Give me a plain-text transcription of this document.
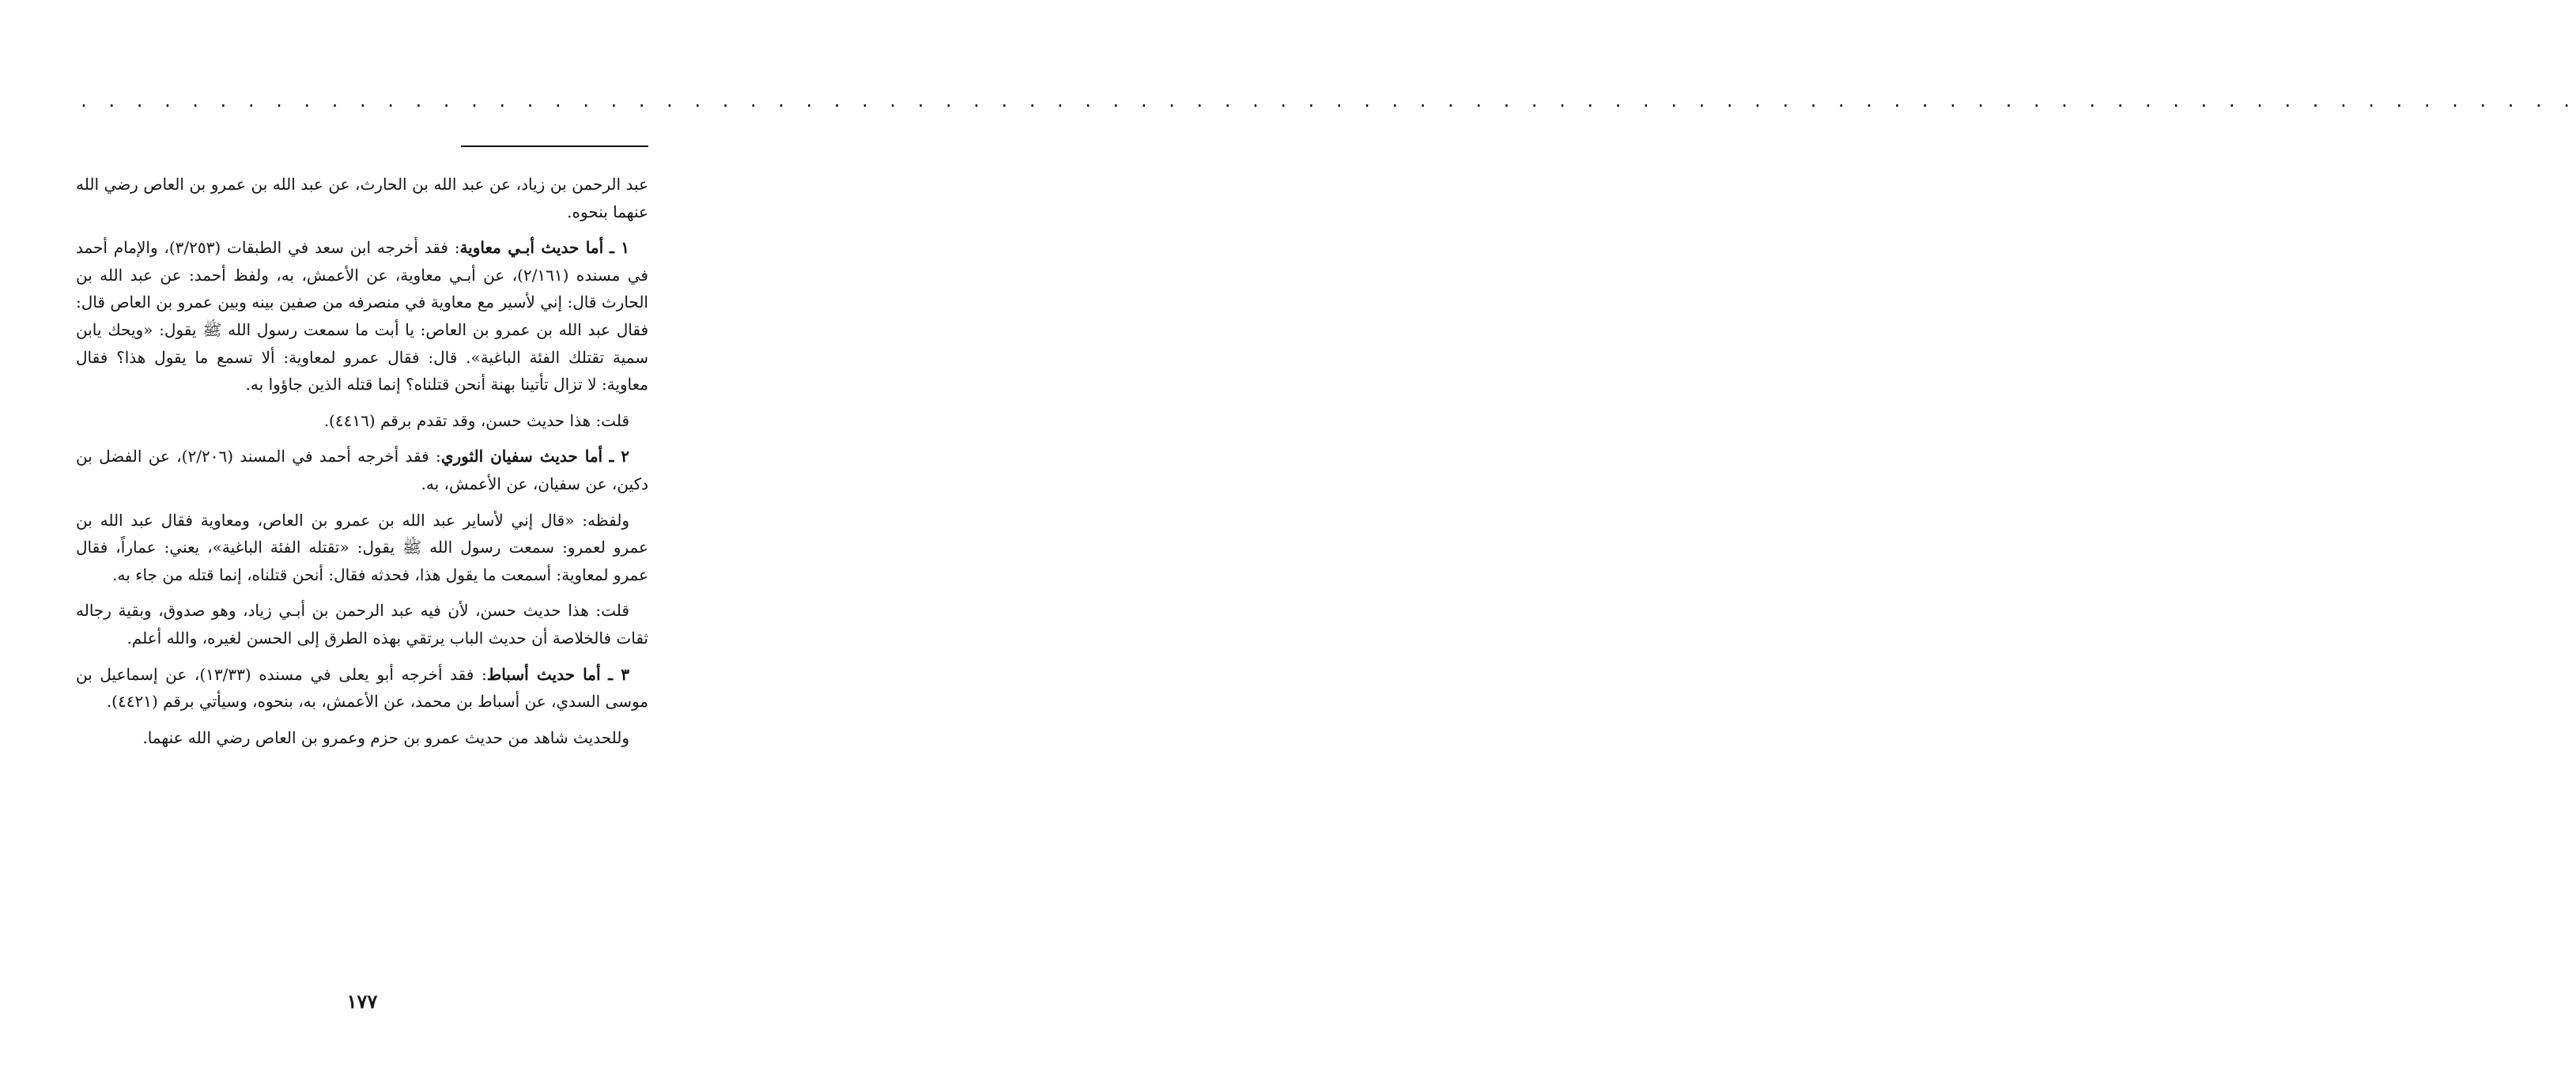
. . . . . . . . . . . . . . . . . . . . . . . . . . . . . . . . . . . . . . . . . . . . . . . . . . . . . . . . . . . . . . . . . . . . . . . . . . . . . . . . . . . . . . . . . .

عبد الرحمن بن زياد، عن عبد الله بن الحارث، عن عبد الله بن عمرو بن العاص رضي الله عنهما بنحوه.

١ ـ أما حديث أبـي معاوية: فقد أخرجه ابن سعد في الطبقات (٣/٢٥٣)، والإمام أحمد في مسنده (٢/١٦١)، عن أبـي معاوية، عن الأعمش، به، ولفظ أحمد: عن عبد الله بن الحارث قال: إني لأسير مع معاوية في منصرفه من صفين بينه وبين عمرو بن العاص قال: فقال عبد الله بن عمرو بن العاص: يا أبت ما سمعت رسول الله ﷺ يقول: «ويحك يابن سمية تقتلك الفئة الباغية». قال: فقال عمرو لمعاوية: ألا تسمع ما يقول هذا؟ فقال معاوية: لا تزال تأتينا بهنة أنحن قتلناه؟ إنما قتله الذين جاؤوا به.

قلت: هذا حديث حسن، وقد تقدم برقم (٤٤١٦).

٢ ـ أما حديث سفيان الثوري: فقد أخرجه أحمد في المسند (٢/٢٠٦)، عن الفضل بن دكين، عن سفيان، عن الأعمش، به.

ولفظه: «قال إني لأساير عبد الله بن عمرو بن العاص، ومعاوية فقال عبد الله بن عمرو لعمرو: سمعت رسول الله ﷺ يقول: «تقتله الفئة الباغية»، يعني: عماراً، فقال عمرو لمعاوية: أسمعت ما يقول هذا، فحدثه فقال: أنحن قتلناه، إنما قتله من جاء به.

قلت: هذا حديث حسن، لأن فيه عبد الرحمن بن أبـي زياد، وهو صدوق، وبقية رجاله ثقات فالخلاصة أن حديث الباب يرتقي بهذه الطرق إلى الحسن لغيره، والله أعلم.

٣ ـ أما حديث أسباط: فقد أخرجه أبو يعلى في مسنده (١٣/٣٣)، عن إسماعيل بن موسى السدي، عن أسباط بن محمد، عن الأعمش، به، بنحوه، وسيأتي برقم (٤٤٢١).

وللحديث شاهد من حديث عمرو بن حزم وعمرو بن العاص رضي الله عنهما.

١٧٧
